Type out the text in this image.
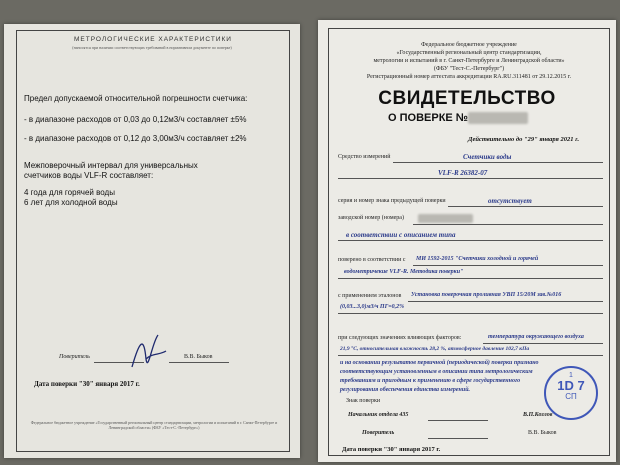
МЕТРОЛОГИЧЕСКИЕ ХАРАКТЕРИСТИКИ
(наносятся при наличии соответствующих требований в нормативном документе по поверке)
Предел допускаемой относительной погрешности счетчика:
- в диапазоне расходов от 0,03 до 0,12м3/ч составляет ±5%
- в диапазоне расходов от 0,12 до 3,00м3/ч составляет ±2%
Межповерочный интервал для универсальных
счетчиков воды VLF-R составляет:
4 года для горячей воды
6 лет для холодной воды
Поверитель	В.В. Быков
Дата поверки "30" января 2017 г.
Федеральное бюджетное учреждение «Государственный региональный центр стандартизации, метрологии и испытаний в г. Санкт-Петербурге и Ленинградской области» (ФБУ «Тест-С.-Петербург»)
Федеральное бюджетное учреждение
«Государственный региональный центр стандартизации,
метрологии и испытаний в г. Санкт-Петербурге и Ленинградской области»
(ФБУ "Тест-С.-Петербург")
Регистрационный номер аттестата аккредитации RA.RU.311481 от 29.12.2015 г.
СВИДЕТЕЛЬСТВО
О ПОВЕРКЕ №
Действительно до "29" января 2021 г.
Средство измерений	Счетчики воды
VLF-R 26382-07
серия и номер знака предыдущей поверки	отсутствует
заводской номер (номера)
в соответствии с описанием типа
поверено в соответствии с МИ 1592-2015 "Счетчики холодной и горячей
водометричекие VLF-R. Методика поверки"
с применением эталонов Установка поверочная проливная УВП 15/20М зав.№016
(0,03...3,0)м3/ч ПГ=0,2%
при следующих значениях влияющих факторов:	температура окружающего воздуха
21,9 °С, относительная влажность 28,2 %, атмосферное давление 102,7 кПа
и на основании результатов первичной (периодической) поверки признано
соответствующим установленным в описании типа метрологическим
требованиям и пригодным к применению в сфере государственного
регулирования обеспечения единства измерений.
Знак поверки
Начальник отдела 435	В.П.Козлов
Поверитель	В.В. Быков
Дата поверки "30" января 2017 г.
1
1D 7
СП
